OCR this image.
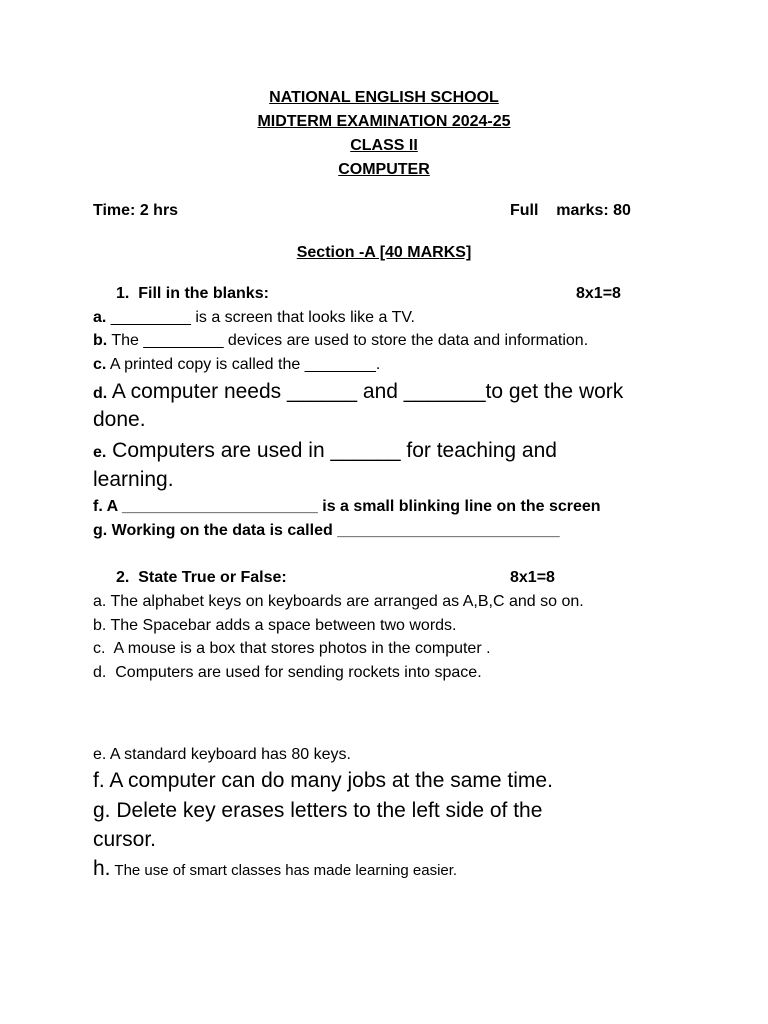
NATIONAL ENGLISH SCHOOL
MIDTERM EXAMINATION 2024-25
CLASS II
COMPUTER
Time: 2 hrs	Full    marks: 80
Section -A [40 MARKS]
1.  Fill in the blanks:	8x1=8
a. _________ is a screen that looks like a TV.
b. The _________ devices are used to store the data and information.
c. A printed copy is called the ________.
d. A computer needs ______ and _______to get the work
done.
e. Computers are used in ______ for teaching and
learning.
f. A ______________________ is a small blinking line on the screen
g. Working on the data is called _________________________
2.  State True or False:	8x1=8
a. The alphabet keys on keyboards are arranged as A,B,C and so on.
b. The Spacebar adds a space between two words.
c.  A mouse is a box that stores photos in the computer .
d.  Computers are used for sending rockets into space.
e. A standard keyboard has 80 keys.
f. A computer can do many jobs at the same time.
g. Delete key erases letters to the left side of the
cursor.
h. The use of smart classes has made learning easier.
